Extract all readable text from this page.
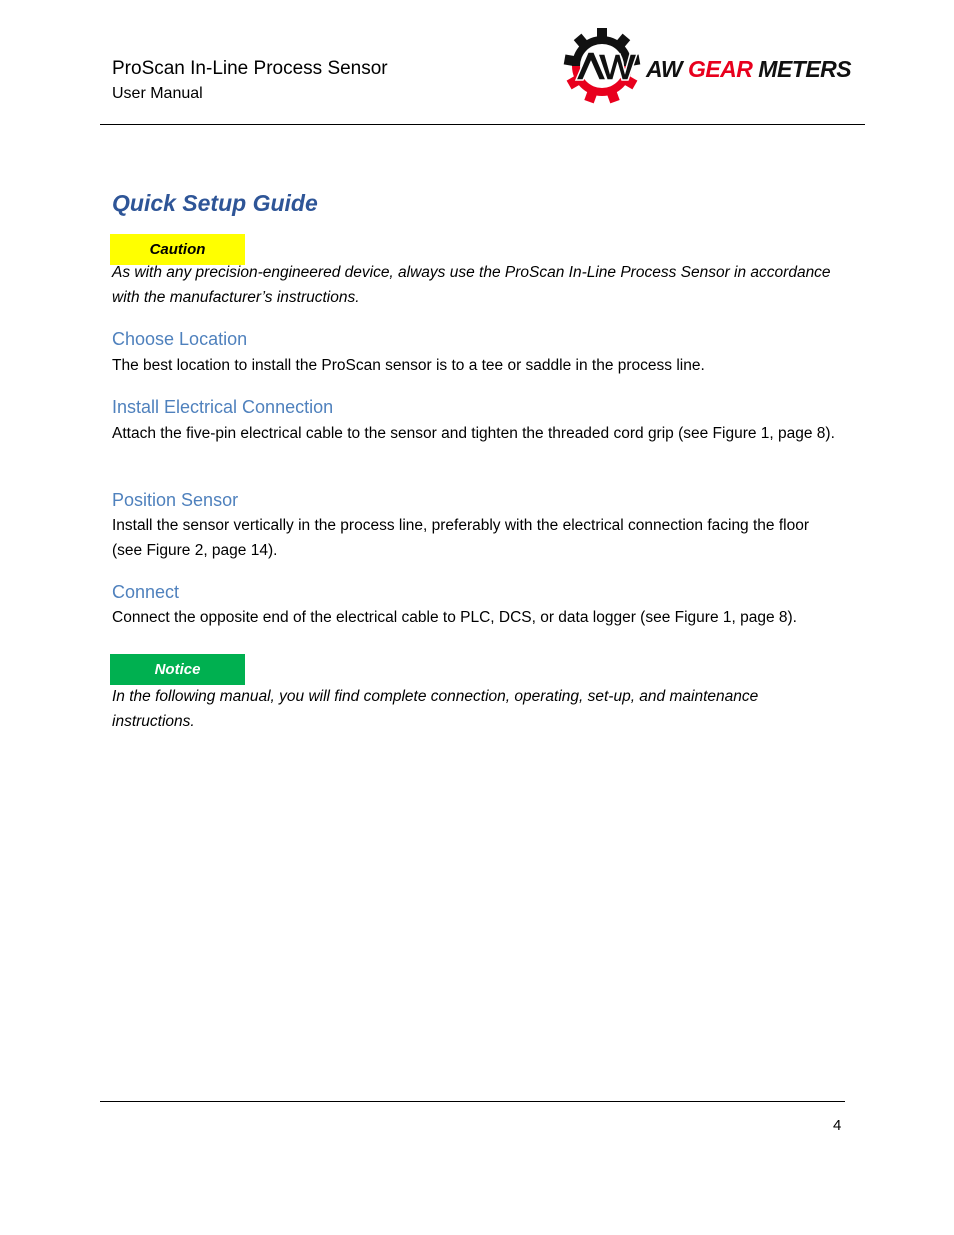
ProScan In-Line Process Sensor
User Manual
AW GEAR METERS
Quick Setup Guide
Caution
As with any precision-engineered device, always use the ProScan In-Line Process Sensor in accordance with the manufacturer’s instructions.
Choose Location
The best location to install the ProScan sensor is to a tee or saddle in the process line.
Install Electrical Connection
Attach the five-pin electrical cable to the sensor and tighten the threaded cord grip (see Figure 1, page 8).
Position Sensor
Install the sensor vertically in the process line, preferably with the electrical connection facing the floor (see Figure 2, page 14).
Connect
Connect the opposite end of the electrical cable to PLC, DCS, or data logger (see Figure 1, page 8).
Notice
In the following manual, you will find complete connection, operating, set-up, and maintenance instructions.
4
